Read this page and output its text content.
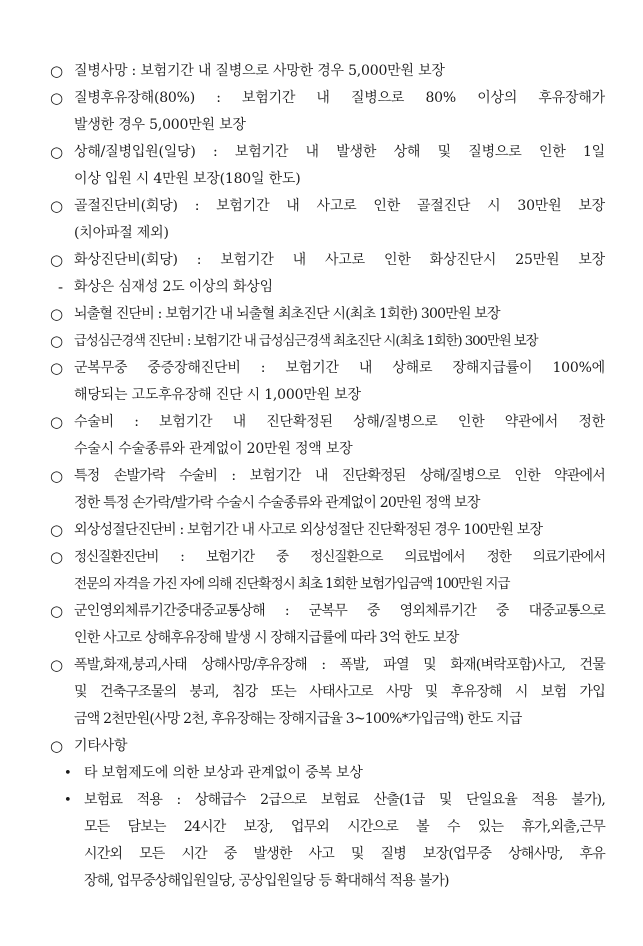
○ 질병사망 : 보험기간 내 질병으로 사망한 경우 5,000만원 보장
○ 질병후유장해(80%) : 보험기간 내 질병으로 80% 이상의 후유장해가
발생한 경우 5,000만원 보장
○ 상해/질병입원(일당) : 보험기간 내 발생한 상해 및 질병으로 인한 1일
이상 입원 시 4만원 보장(180일 한도)
○ 골절진단비(회당) : 보험기간 내 사고로 인한 골절진단 시 30만원 보장
(치아파절 제외)
○ 화상진단비(회당) : 보험기간 내 사고로 인한 화상진단시 25만원 보장
- 화상은 심재성 2도 이상의 화상임
○ 뇌출혈 진단비 : 보험기간 내 뇌출혈 최초진단 시(최초 1회한) 300만원 보장
○ 급성심근경색 진단비 : 보험기간 내 급성심근경색 최초진단 시(최초 1회한) 300만원 보장
○ 군복무중 중증장해진단비 : 보험기간 내 상해로 장해지급률이 100%에
해당되는 고도후유장해 진단 시 1,000만원 보장
○ 수술비 : 보험기간 내 진단확정된 상해/질병으로 인한 약관에서 정한
수술시 수술종류와 관계없이 20만원 정액 보장
○ 특정 손발가락 수술비 : 보험기간 내 진단확정된 상해/질병으로 인한 약관에서
정한 특정 손가락/발가락 수술시 수술종류와 관계없이 20만원 정액 보장
○ 외상성절단진단비 : 보험기간 내 사고로 외상성절단 진단확정된 경우 100만원 보장
○ 정신질환진단비 : 보험기간 중 정신질환으로 의료법에서 정한 의료기관에서
전문의 자격을 가진 자에 의해 진단확정시 최초 1회한 보험가입금액 100만원 지급
○ 군인영외체류기간중대중교통상해 : 군복무 중 영외체류기간 중 대중교통으로
인한 사고로 상해후유장해 발생 시 장해지급률에 따라 3억 한도 보장
○ 폭발,화재,붕괴,사태 상해사망/후유장해 : 폭발, 파열 및 화재(벼락포함)사고, 건물
및 건축구조물의 붕괴, 침강 또는 사태사고로 사망 및 후유장해 시 보험 가입
금액 2천만원(사망 2천, 후유장해는 장해지급율 3~100%*가입금액) 한도 지급
○ 기타사항
• 타 보험제도에 의한 보상과 관계없이 중복 보상
• 보험료 적용 : 상해급수 2급으로 보험료 산출(1급 및 단일요율 적용 불가),
모든 담보는 24시간 보장, 업무외 시간으로 볼 수 있는 휴가,외출,근무
시간외 모든 시간 중 발생한 사고 및 질병 보장(업무중 상해사망, 후유
장해, 업무중상해입원일당, 공상입원일당 등 확대해석 적용 불가)
